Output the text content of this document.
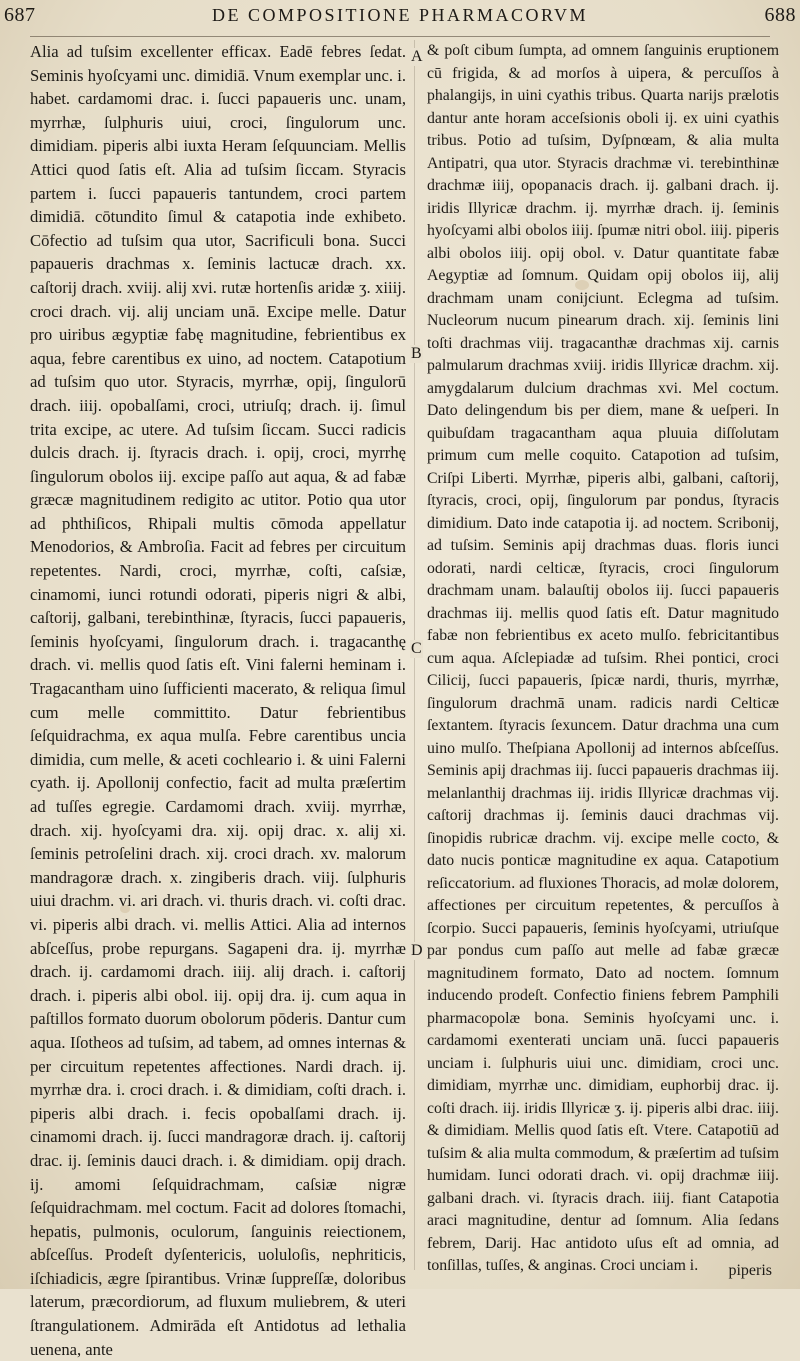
687	DE COMPOSITIONE PHARMACORVM	688

Alia ad tuſsim excellenter efficax. Eadē febres ſedat. Seminis hyoſcyami unc. dimidiā. Vnum exemplar unc. i. habet. cardamomi drac. i. ſucci papaueris unc. unam, myrrhæ, ſulphuris uiui, croci, ſingulorum unc. dimidiam. piperis albi iuxta Heram ſeſquunciam. Mellis Attici quod ſatis eſt. Alia ad tuſsim ſiccam. Styracis partem i. ſucci papaueris tantundem, croci partem dimidiā. cōtundito ſimul & catapotia inde exhibeto. Cōfectio ad tuſsim qua utor, Sacrificuli bona. Succi papaueris drachmas x. ſeminis lactucæ drach. xx. caſtorij drach. xviij. alij xvi. rutæ hortenſis aridæ ʒ. xiiij. croci drach. vij. alij unciam unā. Excipe melle. Datur pro uiribus ægyptiæ fabę magnitudine, febrientibus ex aqua, febre carentibus ex uino, ad noctem. Catapotium ad tuſsim quo utor. Styracis, myrrhæ, opij, ſingulorū drach. iiij. opobalſami, croci, utriuſq; drach. ij. ſimul trita excipe, ac utere. Ad tuſsim ſiccam. Succi radicis dulcis drach. ij. ſtyracis drach. i. opij, croci, myrrhę ſingulorum obolos iij. excipe paſſo aut aqua, & ad fabæ græcæ magnitudinem redigito ac utitor. Potio qua utor ad phthiſicos, Rhipali multis cōmoda appellatur Menodorios, & Ambroſia. Facit ad febres per circuitum repetentes. Nardi, croci, myrrhæ, coſti, caſsiæ, cinamomi, iunci rotundi odorati, piperis nigri & albi, caſtorij, galbani, terebinthinæ, ſtyracis, ſucci papaueris, ſeminis hyoſcyami, ſingulorum drach. i. tragacanthę drach. vi. mellis quod ſatis eſt. Vini falerni heminam i. Tragacantham uino ſufficienti macerato, & reliqua ſimul cum melle committito. Datur febrientibus ſeſquidrachma, ex aqua mulſa. Febre carentibus uncia dimidia, cum melle, & aceti cochleario i. & uini Falerni cyath. ij. Apollonij confectio, facit ad multa præſertim ad tuſſes egregie. Cardamomi drach. xviij. myrrhæ, drach. xij. hyoſcyami dra. xij. opij drac. x. alij xi. ſeminis petroſelini drach. xij. croci drach. xv. malorum mandragoræ drach. x. zingiberis drach. viij. ſulphuris uiui drachm. vi. ari drach. vi. thuris drach. vi. coſti drac. vi. piperis albi drach. vi. mellis Attici. Alia ad internos abſceſſus, probe repurgans. Sagapeni dra. ij. myrrhæ drach. ij. cardamomi drach. iiij. alij drach. i. caſtorij drach. i. piperis albi obol. iij. opij dra. ij. cum aqua in paſtillos formato duorum obolorum pōderis. Dantur cum aqua. Iſotheos ad tuſsim, ad tabem, ad omnes internas & per circuitum repetentes affectiones. Nardi drach. ij. myrrhæ dra. i. croci drach. i. & dimidiam, coſti drach. i. piperis albi drach. i. fecis opobalſami drach. ij. cinamomi drach. ij. ſucci mandragoræ drach. ij. caſtorij drac. ij. ſeminis dauci drach. i. & dimidiam. opij drach. ij. amomi ſeſquidrachmam, caſsiæ nigræ ſeſquidrachmam. mel coctum. Facit ad dolores ſtomachi, hepatis, pulmonis, oculorum, ſanguinis reiectionem, abſceſſus. Prodeſt dyſentericis, uoluloſis, nephriticis, iſchiadicis, ægre ſpirantibus. Vrinæ ſuppreſſæ, doloribus laterum, præcordiorum, ad fluxum muliebrem, & uteri ſtrangulationem. Admirāda eſt Antidotus ad lethalia uenena, ante

A
B
C
D

& poſt cibum ſumpta, ad omnem ſanguinis eruptionem cū frigida, & ad morſos à uipera, & percuſſos à phalangijs, in uini cyathis tribus. Quarta narijs prælotis dantur ante horam acceſsionis oboli ij. ex uini cyathis tribus. Potio ad tuſsim, Dyſpnœam, & alia multa Antipatri, qua utor. Styracis drachmæ vi. terebinthinæ drachmæ iiij, opopanacis drach. ij. galbani drach. ij. iridis Illyricæ drachm. ij. myrrhæ drach. ij. ſeminis hyoſcyami albi obolos iiij. ſpumæ nitri obol. iiij. piperis albi obolos iiij. opij obol. v. Datur quantitate fabæ Aegyptiæ ad ſomnum. Quidam opij obolos iij, alij drachmam unam conijciunt. Eclegma ad tuſsim. Nucleorum nucum pinearum drach. xij. ſeminis lini toſti drachmas viij. tragacanthæ drachmas xij. carnis palmularum drachmas xviij. iridis Illyricæ drachm. xij. amygdalarum dulcium drachmas xvi. Mel coctum. Dato delingendum bis per diem, mane & ueſperi. In quibuſdam tragacantham aqua pluuia diſſolutam primum cum melle coquito. Catapotion ad tuſsim, Criſpi Liberti. Myrrhæ, piperis albi, galbani, caſtorij, ſtyracis, croci, opij, ſingulorum par pondus, ſtyracis dimidium. Dato inde catapotia ij. ad noctem. Scribonij, ad tuſsim. Seminis apij drachmas duas. floris iunci odorati, nardi celticæ, ſtyracis, croci ſingulorum drachmam unam. balauſtij obolos iij. ſucci papaueris drachmas iij. mellis quod ſatis eſt. Datur magnitudo fabæ non febrientibus ex aceto mulſo. febricitantibus cum aqua. Aſclepiadæ ad tuſsim. Rhei pontici, croci Cilicij, ſucci papaueris, ſpicæ nardi, thuris, myrrhæ, ſingulorum drachmā unam. radicis nardi Celticæ ſextantem. ſtyracis ſexuncem. Datur drachma una cum uino mulſo. Theſpiana Apollonij ad internos abſceſſus. Seminis apij drachmas iij. ſucci papaueris drachmas iij. melanlanthij drachmas iij. iridis Illyricæ drachmas vij. caſtorij drachmas ij. ſeminis dauci drachmas vij. ſinopidis rubricæ drachm. vij. excipe melle cocto, & dato nucis ponticæ magnitudine ex aqua. Catapotium reſiccatorium. ad fluxiones Thoracis, ad molæ dolorem, affectiones per circuitum repetentes, & percuſſos à ſcorpio. Succi papaueris, ſeminis hyoſcyami, utriuſque par pondus cum paſſo aut melle ad fabæ græcæ magnitudinem formato, Dato ad noctem. ſomnum inducendo prodeſt. Confectio finiens febrem Pamphili pharmacopolæ bona. Seminis hyoſcyami unc. i. cardamomi exenterati unciam unā. ſucci papaueris unciam i. ſulphuris uiui unc. dimidiam, croci unc. dimidiam, myrrhæ unc. dimidiam, euphorbij drac. ij. coſti drach. iij. iridis Illyricæ ʒ. ij. piperis albi drac. iiij. & dimidiam. Mellis quod ſatis eſt. Vtere. Catapotiū ad tuſsim & alia multa commodum, & præſertim ad tuſsim humidam. Iunci odorati drach. vi. opij drachmæ iiij. galbani drach. vi. ſtyracis drach. iiij. fiant Catapotia araci magnitudine, dentur ad ſomnum. Alia ſedans febrem, Darij. Hac antidoto uſus eſt ad omnia, ad tonſillas, tuſſes, & anginas. Croci unciam i.	piperis
